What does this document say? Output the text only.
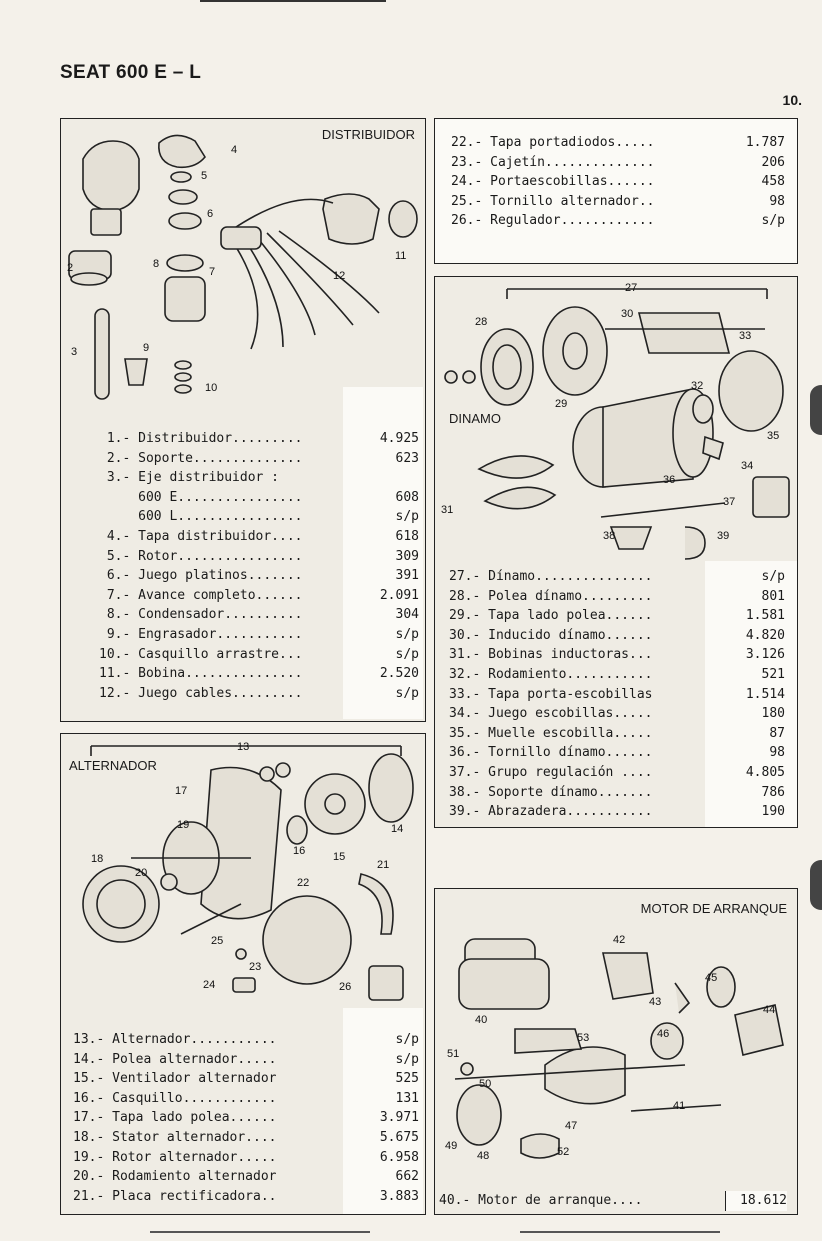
SEAT 600 E – L
10.
DISTRIBUIDOR
4
5
6
7
8
2
3	9
10
11
12
1.- Distribuidor.........	4.925
2.- Soporte..............	623
3.- Eje distribuidor :
600 E................	608
600 L................	s/p
4.- Tapa distribuidor....	618
5.- Rotor................	309
6.- Juego platinos.......	391
7.- Avance completo......	2.091
8.- Condensador..........	304
9.- Engrasador...........	s/p
10.- Casquillo arrastre...	s/p
11.- Bobina...............	2.520
12.- Juego cables.........	s/p
22.- Tapa portadiodos.....	1.787
23.- Cajetín..............	206
24.- Portaescobillas......	458
25.- Tornillo alternador..	98
26.- Regulador............	s/p
DINAMO
27
28
29
30
31
32
33
34
35
36
37
38	39
27.- Dínamo...............	s/p
28.- Polea dínamo.........	801
29.- Tapa lado polea......	1.581
30.- Inducido dínamo......	4.820
31.- Bobinas inductoras...	3.126
32.- Rodamiento...........	521
33.- Tapa porta-escobillas	1.514
34.- Juego escobillas.....	180
35.- Muelle escobilla.....	87
36.- Tornillo dínamo......	98
37.- Grupo regulación ....	4.805
38.- Soporte dínamo.......	786
39.- Abrazadera...........	190
ALTERNADOR
13
14
15
16
17
18
19
20
21
22
23
24
25
26
13.- Alternador...........	s/p
14.- Polea alternador.....	s/p
15.- Ventilador alternador	525
16.- Casquillo............	131
17.- Tapa lado polea......	3.971
18.- Stator alternador....	5.675
19.- Rotor alternador.....	6.958
20.- Rodamiento alternador	662
21.- Placa rectificadora..	3.883
MOTOR DE ARRANQUE
40
41
42
43
44
45
46
47
48
49
50
51
52
53
40.- Motor de arranque....	18.612
